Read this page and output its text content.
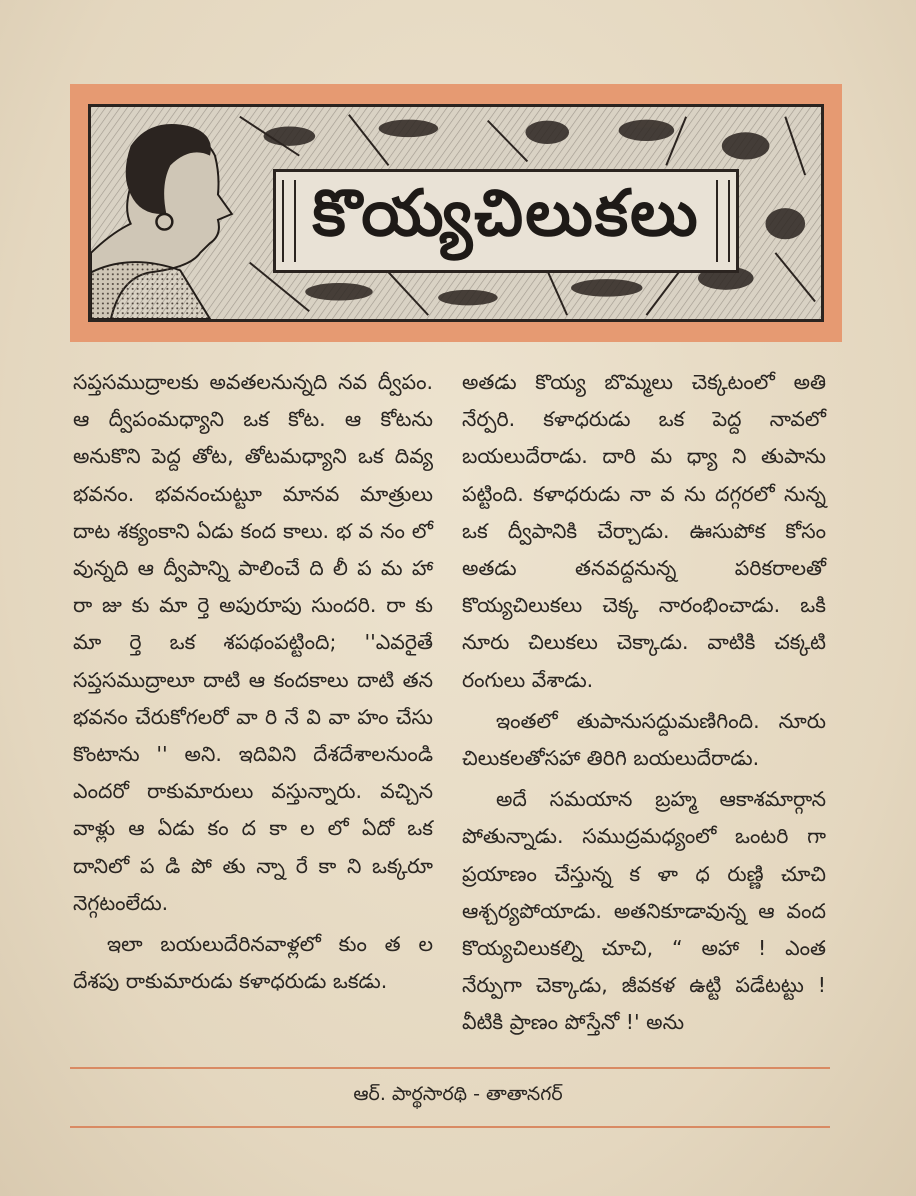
కొయ్యచిలుకలు

సప్తసముద్రాలకు అవతలనున్నది నవ ద్వీపం. ఆ ద్వీపంమధ్యాని ఒక కోట. ఆ కోటను అనుకొని పెద్ద తోట, తోటమధ్యాని ఒక దివ్య భవనం. భవనంచుట్టూ మానవ మాత్రులు దాట శక్యంకాని ఏడు కంద కాలు. భ వ నం లో వున్నది ఆ ద్వీపాన్ని పాలించే ది లీ ప మ హా రా జు కు మా ర్తె అపురూపు సుందరి. రా కు మా ర్తె ఒక శపథంపట్టింది; ''ఎవరైతే సప్తసముద్రాలూ దాటి ఆ కందకాలు దాటి తన భవనం చేరుకోగలరో వా రి నే వి వా హం చేసు కొంటాను '' అని. ఇదివిని దేశదేశాలనుండి ఎందరో రాకుమారులు వస్తున్నారు. వచ్చిన వాళ్లు ఆ ఏడు కం ద కా ల లో ఏదో ఒక దానిలో ప డి పో తు న్నా రే కా ని ఒక్కరూ నెగ్గటంలేదు.

ఇలా బయలుదేరినవాళ్లలో కుం త ల దేశపు రాకుమారుడు కళాధరుడు ఒకడు.

అతడు కొయ్య బొమ్మలు చెక్కటంలో అతి నేర్పరి. కళాధరుడు ఒక పెద్ద నావలో బయలుదేరాడు. దారి మ ధ్యా ని తుపాను పట్టింది. కళాధరుడు నా వ ను దగ్గరలో నున్న ఒక ద్వీపానికి చేర్చాడు. ఊసుపోక కోసం అతడు తనవద్దనున్న పరికరాలతో కొయ్యచిలుకలు చెక్క నారంభించాడు. ఒకి నూరు చిలుకలు చెక్కాడు. వాటికి చక్కటి రంగులు వేశాడు.

ఇంతలో తుపానుసద్దుమణిగింది. నూరు చిలుకలతోసహా తిరిగి బయలుదేరాడు.

అదే సమయాన బ్రహ్మ ఆకాశమార్గాన పోతున్నాడు. సముద్రమధ్యంలో ఒంటరి గా ప్రయాణం చేస్తున్న క ళా ధ రుణ్ణి చూచి ఆశ్చర్యపోయాడు. అతనికూడావున్న ఆ వంద కొయ్యచిలుకల్ని చూచి, “ అహా ! ఎంత నేర్పుగా చెక్కాడు, జీవకళ ఉట్టి పడేటట్టు ! వీటికి ప్రాణం పోస్తేనో !' అను

ఆర్. పార్థసారథి - తాతానగర్
